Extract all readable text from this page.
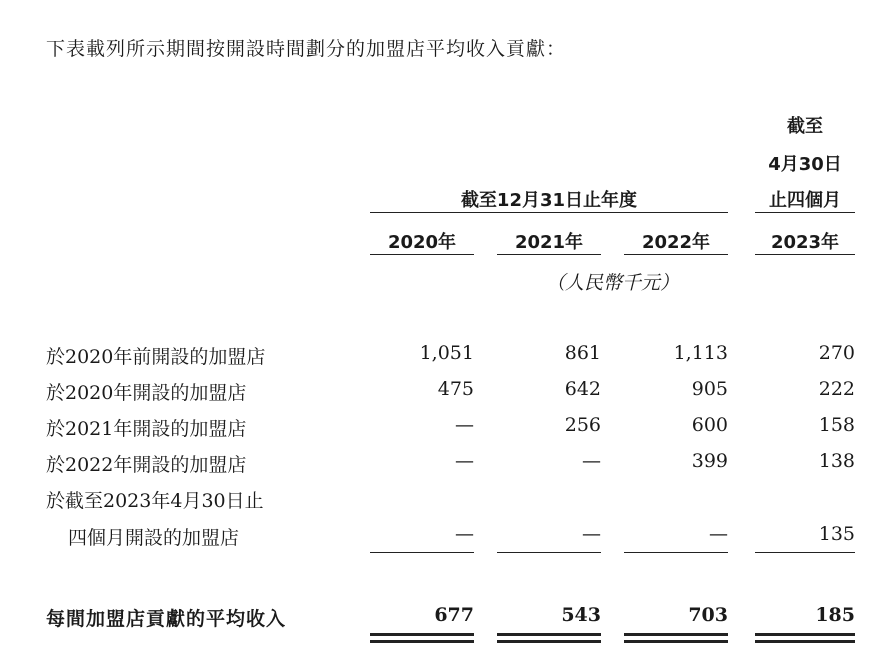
下表載列所示期間按開設時間劃分的加盟店平均收入貢獻：
截至
4月30日
止四個月
截至12月31日止年度
2020年	2021年	2022年	2023年
（人民幣千元）
於2020年前開設的加盟店	1,051	861	1,113	270
於2020年開設的加盟店	475	642	905	222
於2021年開設的加盟店	—	256	600	158
於2022年開設的加盟店	—	—	399	138
於截至2023年4月30日止
四個月開設的加盟店	—	—	—	135
每間加盟店貢獻的平均收入	677	543	703	185
